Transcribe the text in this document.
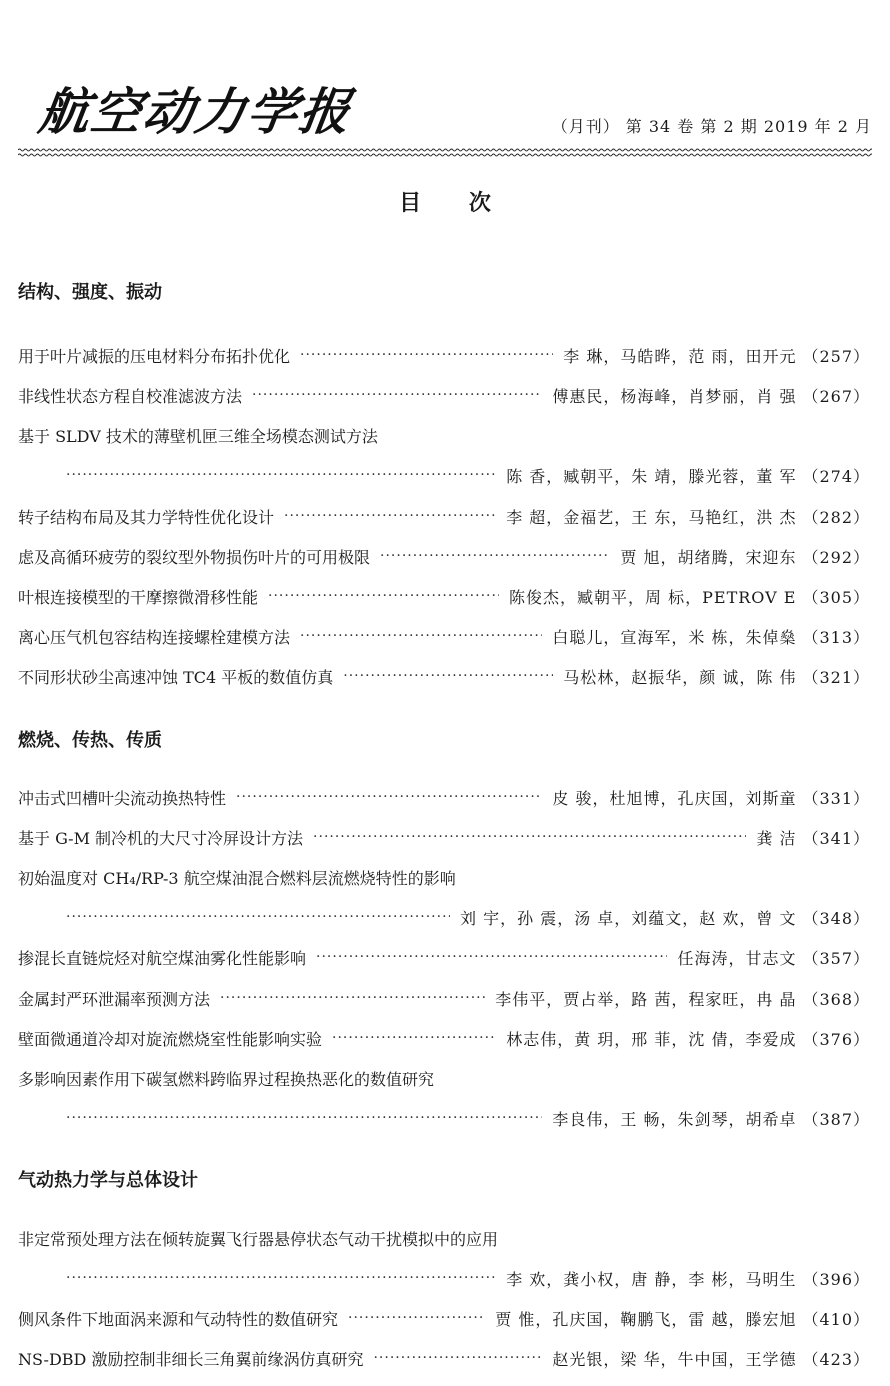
航空动力学报	（月刊） 第 34 卷 第 2 期 2019 年 2 月
目 次
结构、强度、振动
用于叶片减振的压电材料分布拓扑优化 ·····	李 琳，马皓晔，范 雨，田开元 （257）
非线性状态方程自校准滤波方法 ·····	傅惠民，杨海峰，肖梦丽，肖 强 （267）
基于 SLDV 技术的薄壁机匣三维全场模态测试方法
·····
陈 香，臧朝平，朱 靖，滕光蓉，董 军 （274）
转子结构布局及其力学特性优化设计 ·····	李 超，金福艺，王 东，马艳红，洪 杰 （282）
虑及高循环疲劳的裂纹型外物损伤叶片的可用极限 ·····	贾 旭，胡绪腾，宋迎东 （292）
叶根连接模型的干摩擦微滑移性能 ·····	陈俊杰，臧朝平，周 标，PETROV E （305）
离心压气机包容结构连接螺栓建模方法 ·····	白聪儿，宣海军，米 栋，朱倬燊 （313）
不同形状砂尘高速冲蚀 TC4 平板的数值仿真 ·····	马松林，赵振华，颜 诚，陈 伟 （321）
燃烧、传热、传质
冲击式凹槽叶尖流动换热特性 ·····	皮 骏，杜旭博，孔庆国，刘斯童 （331）
基于 G-M 制冷机的大尺寸冷屏设计方法 ·····	龚 洁 （341）
初始温度对 CH₄/RP-3 航空煤油混合燃料层流燃烧特性的影响
·····
刘 宇，孙 震，汤 卓，刘蕴文，赵 欢，曾 文 （348）
掺混长直链烷烃对航空煤油雾化性能影响 ·····	任海涛，甘志文 （357）
金属封严环泄漏率预测方法 ·····	李伟平，贾占举，路 茜，程家旺，冉 晶 （368）
壁面微通道冷却对旋流燃烧室性能影响实验 ·····	林志伟，黄 玥，邢 菲，沈 倩，李爱成 （376）
多影响因素作用下碳氢燃料跨临界过程换热恶化的数值研究
·····
李良伟，王 畅，朱剑琴，胡希卓 （387）
气动热力学与总体设计
非定常预处理方法在倾转旋翼飞行器悬停状态气动干扰模拟中的应用
·····
李 欢，龚小权，唐 静，李 彬，马明生 （396）
侧风条件下地面涡来源和气动特性的数值研究 ·····	贾 惟，孔庆国，鞠鹏飞，雷 越，滕宏旭 （410）
NS-DBD 激励控制非细长三角翼前缘涡仿真研究 ·····	赵光银，梁 华，牛中国，王学德 （423）
